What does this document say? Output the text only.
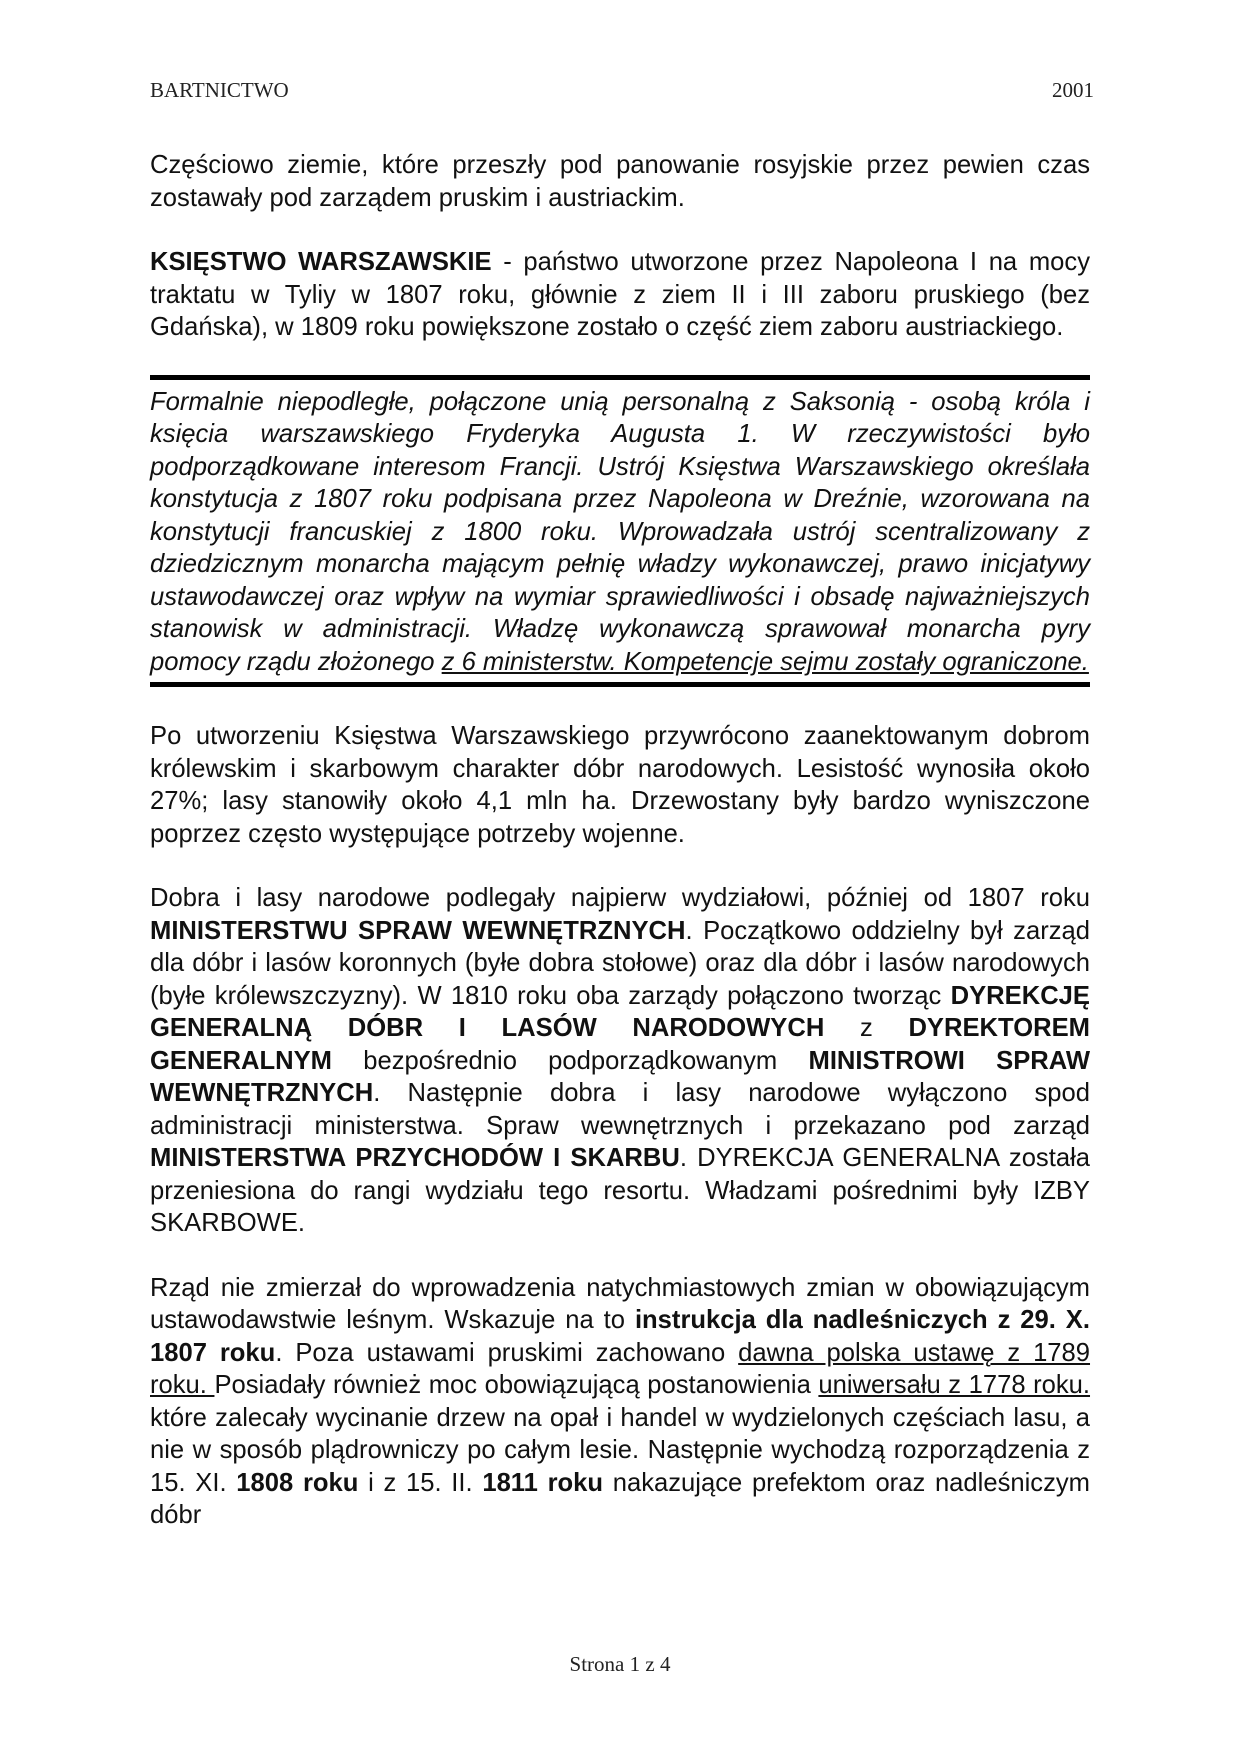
BARTNICTWO	2001

Częściowo ziemie, które przeszły pod panowanie rosyjskie przez pewien czas zostawały pod zarządem pruskim i austriackim.

KSIĘSTWO WARSZAWSKIE - państwo utworzone przez Napoleona I na mocy traktatu w Tyliy w 1807 roku, głównie z ziem II i III zaboru pruskiego (bez Gdańska), w 1809 roku powiększone zostało o część ziem zaboru austriackiego.

Formalnie niepodległe, połączone unią personalną z Saksonią - osobą króla i księcia warszawskiego Fryderyka Augusta 1. W rzeczywistości było podporządkowane interesom Francji. Ustrój Księstwa Warszawskiego określała konstytucja z 1807 roku podpisana przez Napoleona w Dreźnie, wzorowana na konstytucji francuskiej z 1800 roku. Wprowadzała ustrój scentralizowany z dziedzicznym monarcha mającym pełnię władzy wykonawczej, prawo inicjatywy ustawodawczej oraz wpływ na wymiar sprawiedliwości i obsadę najważniejszych stanowisk w administracji. Władzę wykonawczą sprawował monarcha pyry pomocy rządu złożonego z 6 ministerstw. Kompetencje sejmu zostały ograniczone.

Po utworzeniu Księstwa Warszawskiego przywrócono zaanektowanym dobrom królewskim i skarbowym charakter dóbr narodowych. Lesistość wynosiła około 27%; lasy stanowiły około 4,1 mln ha. Drzewostany były bardzo wyniszczone poprzez często występujące potrzeby wojenne.

Dobra i lasy narodowe podlegały najpierw wydziałowi, później od 1807 roku MINISTERSTWU SPRAW WEWNĘTRZNYCH. Początkowo oddzielny był zarząd dla dóbr i lasów koronnych (byłe dobra stołowe) oraz dla dóbr i lasów narodowych (byłe królewszczyzny). W 1810 roku oba zarządy połączono tworząc DYREKCJĘ GENERALNĄ DÓBR I LASÓW NARODOWYCH z DYREKTOREM GENERALNYM bezpośrednio podporządkowanym MINISTROWI SPRAW WEWNĘTRZNYCH. Następnie dobra i lasy narodowe wyłączono spod administracji ministerstwa. Spraw wewnętrznych i przekazano pod zarząd MINISTERSTWA PRZYCHODÓW I SKARBU. DYREKCJA GENERALNA została przeniesiona do rangi wydziału tego resortu. Władzami pośrednimi były IZBY SKARBOWE.

Rząd nie zmierzał do wprowadzenia natychmiastowych zmian w obowiązującym ustawodawstwie leśnym. Wskazuje na to instrukcja dla nadleśniczych z 29. X. 1807 roku. Poza ustawami pruskimi zachowano dawna polska ustawę z 1789 roku. Posiadały również moc obowiązującą postanowienia uniwersału z 1778 roku. które zalecały wycinanie drzew na opał i handel w wydzielonych częściach lasu, a nie w sposób plądrowniczy po całym lesie. Następnie wychodzą rozporządzenia z 15. XI. 1808 roku i z 15. II. 1811 roku nakazujące prefektom oraz nadleśniczym dóbr

Strona 1 z 4
